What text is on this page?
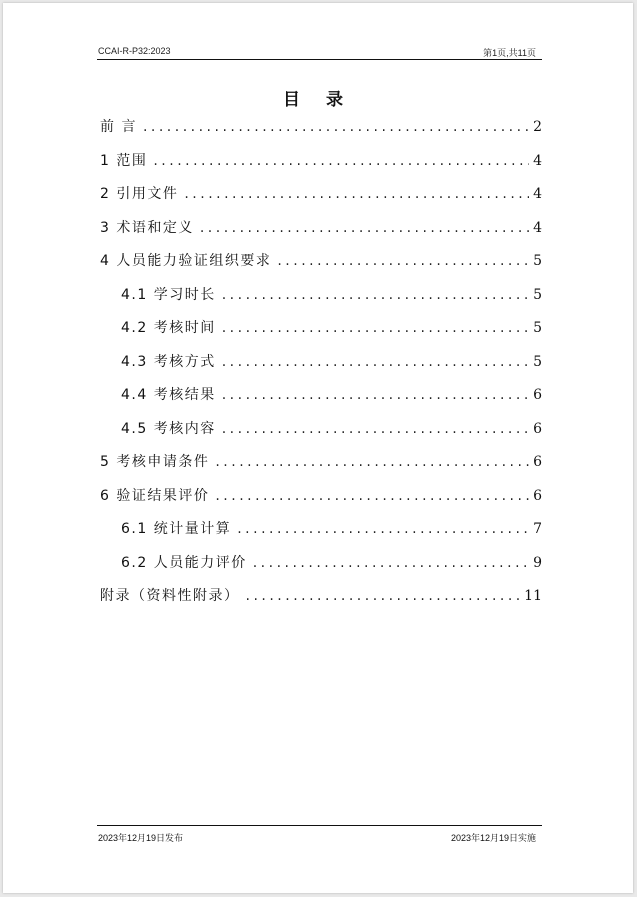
CCAI-R-P32:2023	第1页,共11页
目 录
前 言 .....	2
1 范围 .....	4
2 引用文件 .....	4
3 术语和定义 .....	4
4 人员能力验证组织要求 .....	5
4.1 学习时长 .....	5
4.2 考核时间 .....	5
4.3 考核方式 .....	5
4.4 考核结果 .....	6
4.5 考核内容 .....	6
5 考核申请条件 .....	6
6 验证结果评价 .....	6
6.1 统计量计算 .....	7
6.2 人员能力评价 .....	9
附录（资料性附录） .....	11
2023年12月19日发布	2023年12月19日实施
